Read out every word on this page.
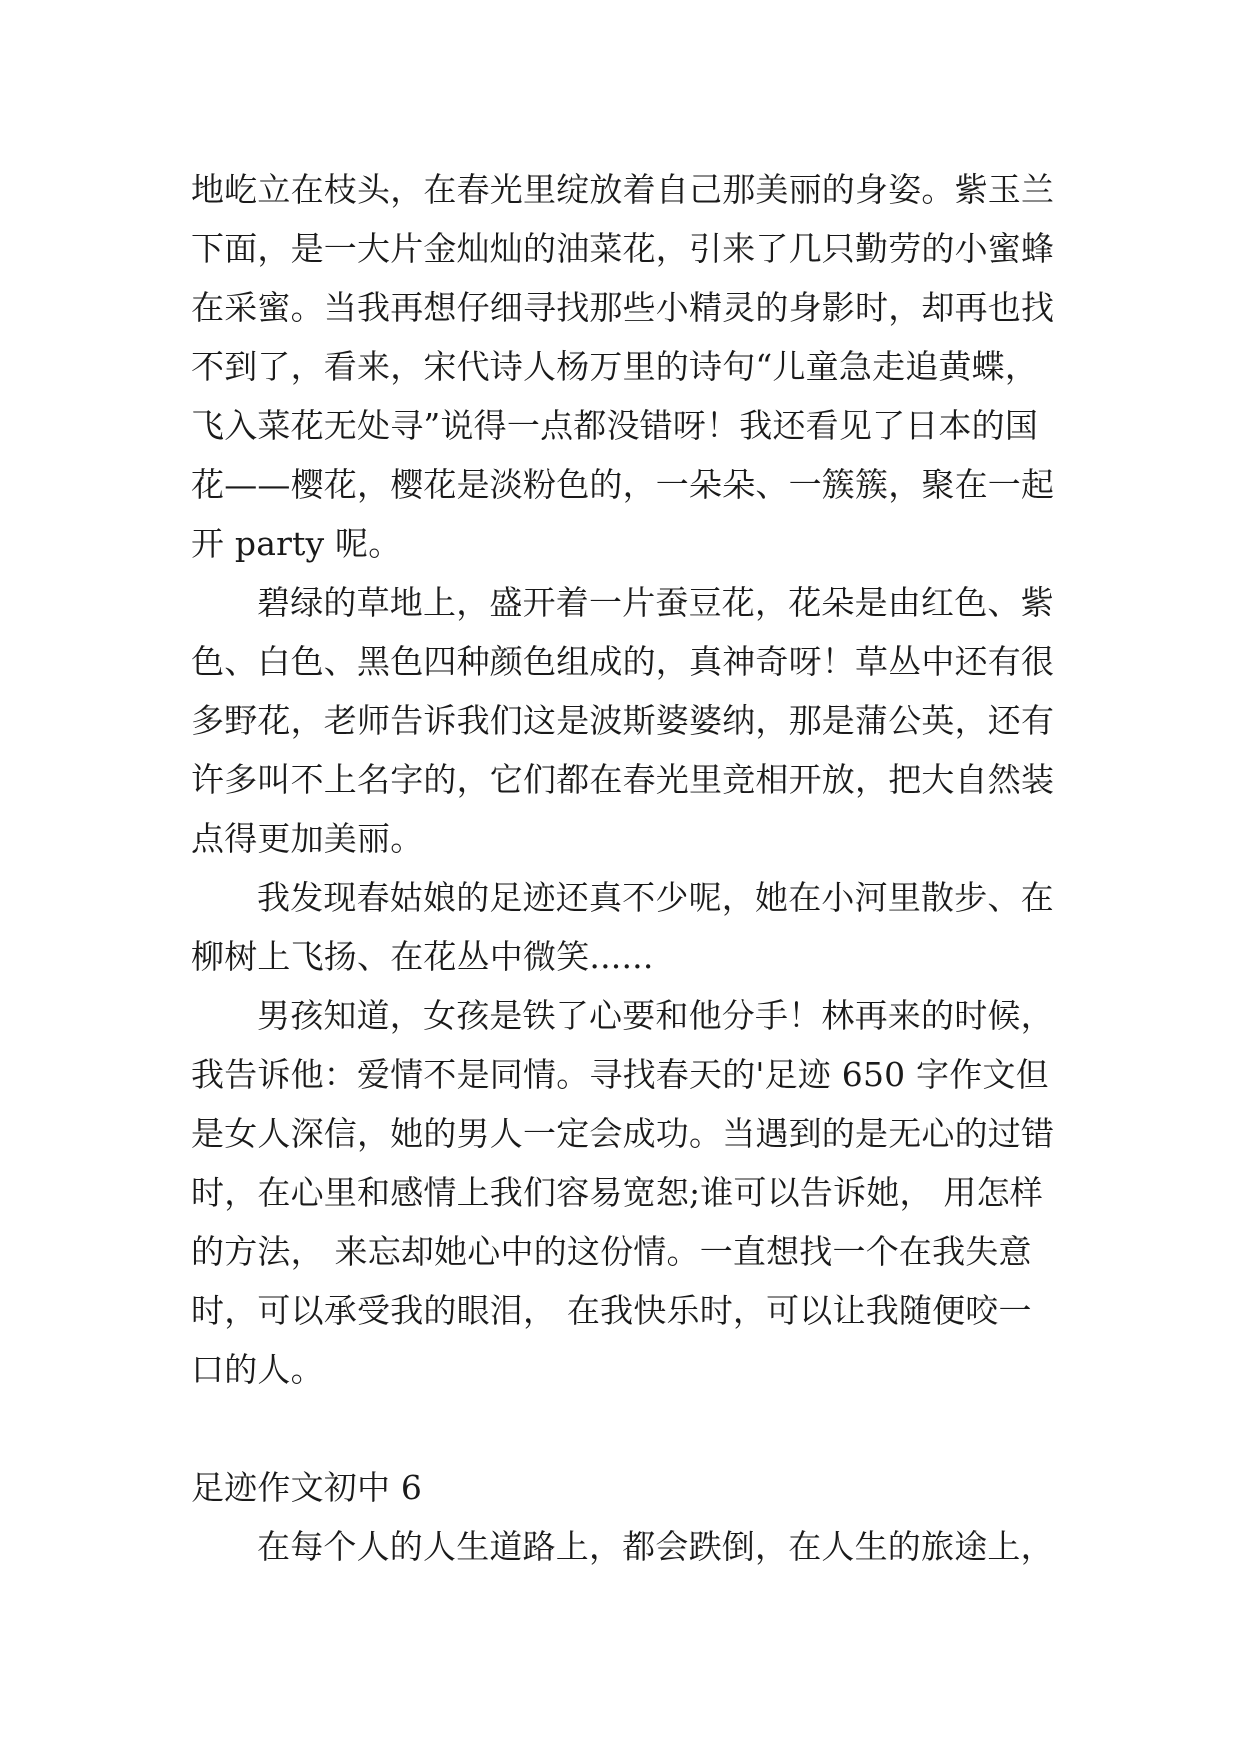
地屹立在枝头，在春光里绽放着自己那美丽的身姿。紫玉兰
下面，是一大片金灿灿的油菜花，引来了几只勤劳的小蜜蜂
在采蜜。当我再想仔细寻找那些小精灵的身影时，却再也找
不到了，看来，宋代诗人杨万里的诗句“儿童急走追黄蝶，
飞入菜花无处寻”说得一点都没错呀！我还看见了日本的国
花——樱花，樱花是淡粉色的，一朵朵、一簇簇，聚在一起
开 party 呢。
碧绿的草地上，盛开着一片蚕豆花，花朵是由红色、紫
色、白色、黑色四种颜色组成的，真神奇呀！草丛中还有很
多野花，老师告诉我们这是波斯婆婆纳，那是蒲公英，还有
许多叫不上名字的，它们都在春光里竞相开放，把大自然装
点得更加美丽。
我发现春姑娘的足迹还真不少呢，她在小河里散步、在
柳树上飞扬、在花丛中微笑......
男孩知道，女孩是铁了心要和他分手！林再来的时候，
我告诉他：爱情不是同情。寻找春天的'足迹 650 字作文但
是女人深信，她的男人一定会成功。当遇到的是无心的过错
时，在心里和感情上我们容易宽恕;谁可以告诉她， 用怎样
的方法， 来忘却她心中的这份情。一直想找一个在我失意
时，可以承受我的眼泪， 在我快乐时，可以让我随便咬一
口的人。
足迹作文初中 6
在每个人的人生道路上，都会跌倒，在人生的旅途上，
